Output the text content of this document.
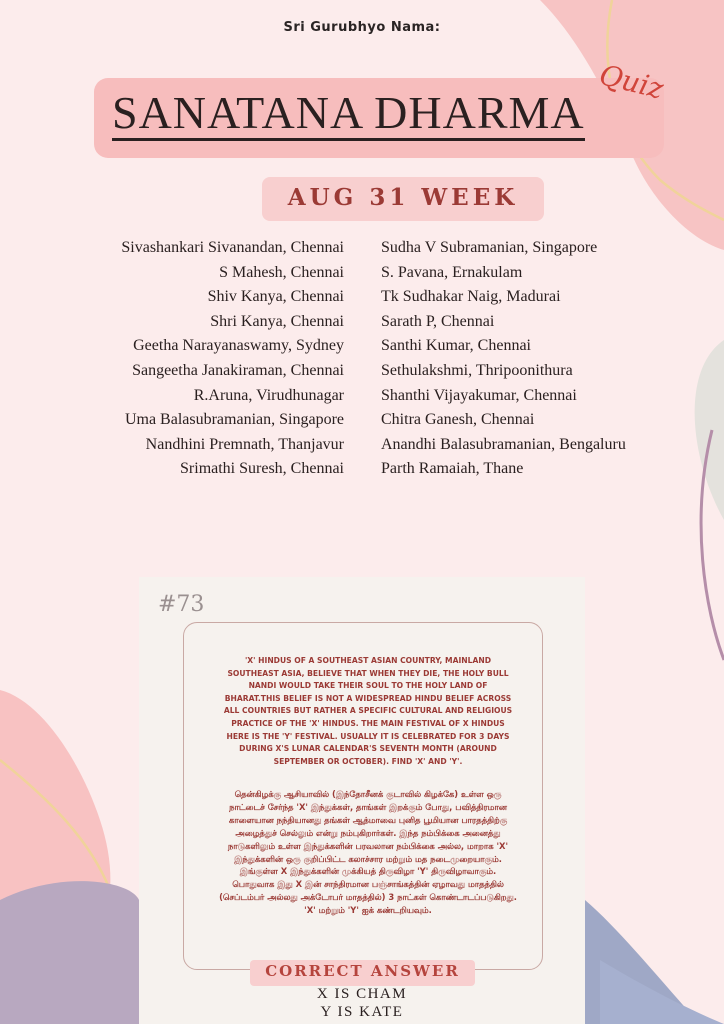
Sri Gurubhyo Nama:
SANATANA DHARMA
Quiz
AUG 31 WEEK
Sivashankari Sivanandan, Chennai
S Mahesh, Chennai
Shiv Kanya, Chennai
Shri Kanya, Chennai
Geetha Narayanaswamy, Sydney
Sangeetha Janakiraman, Chennai
R.Aruna, Virudhunagar
Uma Balasubramanian, Singapore
Nandhini Premnath, Thanjavur
Srimathi Suresh, Chennai
Sudha V Subramanian, Singapore
S. Pavana, Ernakulam
Tk Sudhakar Naig, Madurai
Sarath P, Chennai
Santhi Kumar, Chennai
Sethulakshmi, Thripoonithura
Shanthi Vijayakumar, Chennai
Chitra Ganesh, Chennai
Anandhi Balasubramanian, Bengaluru
Parth Ramaiah, Thane
#73
'X' HINDUS OF A SOUTHEAST ASIAN COUNTRY, MAINLAND SOUTHEAST ASIA, BELIEVE THAT WHEN THEY DIE, THE HOLY BULL NANDI WOULD TAKE THEIR SOUL TO THE HOLY LAND OF BHARAT.THIS BELIEF IS NOT A WIDESPREAD HINDU BELIEF ACROSS ALL COUNTRIES BUT RATHER A SPECIFIC CULTURAL AND RELIGIOUS PRACTICE OF THE 'X' HINDUS. THE MAIN FESTIVAL OF X HINDUS HERE IS THE 'Y' FESTIVAL. USUALLY IT IS CELEBRATED FOR 3 DAYS DURING X'S LUNAR CALENDAR'S SEVENTH MONTH (AROUND SEPTEMBER OR OCTOBER). FIND 'X' AND 'Y'.
தென்கிழக்கு ஆசியாவில் (இந்தோசீனக் குடாவில் கிழக்கே) உள்ள ஒரு நாட்டைச் சேர்ந்த 'X' இந்துக்கள், தாங்கள் இறக்கும் போது, பவித்திரமான காளையான நந்தியானது தங்கள் ஆத்மாவை புனித பூமியான பாரதத்திற்கு அழைத்துச் செல்லும் என்று நம்புகிறார்கள். இந்த நம்பிக்கை அனைத்து நாடுகளிலும் உள்ள இந்துக்களின் பரவலான நம்பிக்கை அல்ல, மாறாக 'X' இந்துக்களின் ஒரு குறிப்பிட்ட கலாச்சார மற்றும் மத நடைமுறையாகும். இங்குள்ள X இந்துக்களின் முக்கியத் திருவிழா 'Y' திருவிழாவாகும். பொதுவாக இது X இன் சாந்திரமான பஞ்சாங்கத்தின் ஏழாவது மாதத்தில் (செப்டம்பர் அல்லது அக்டோபர் மாதத்தில்) 3 நாட்கள் கொண்டாடப்படுகிறது. 'X' மற்றும் 'Y' ஐக் கண்டறியவும்.
CORRECT ANSWER
X IS CHAM
Y IS KATE
